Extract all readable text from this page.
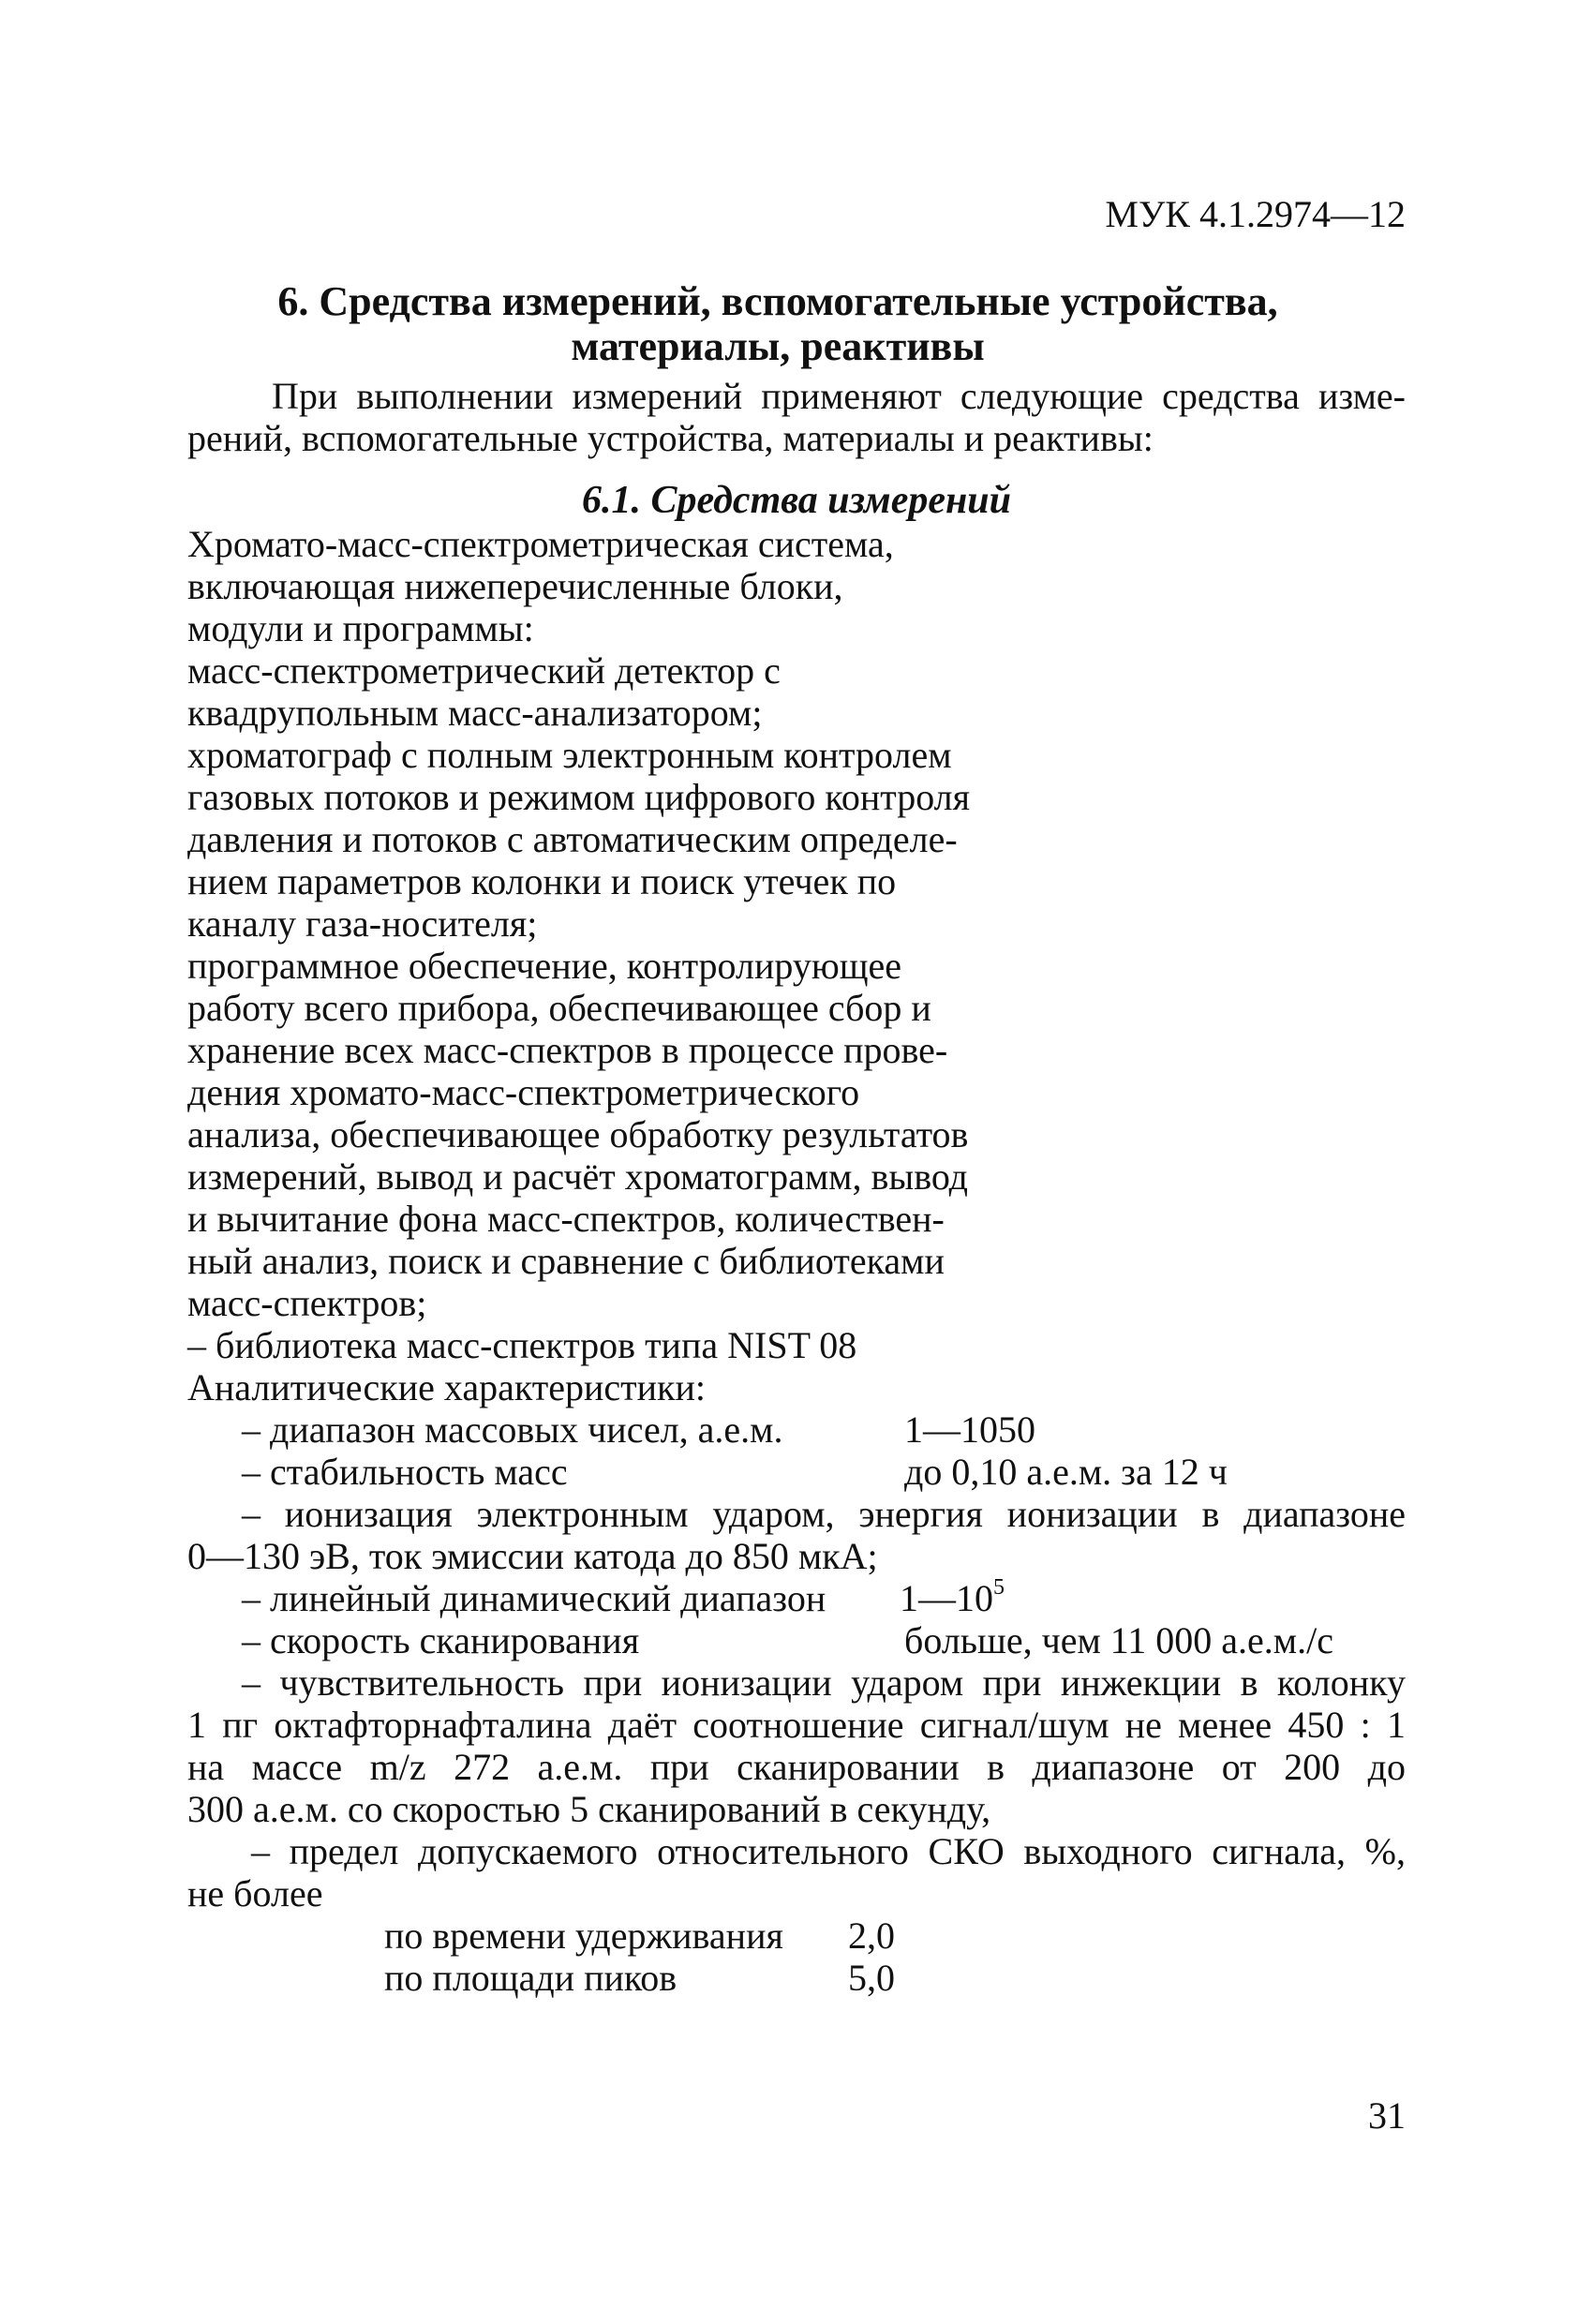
МУК 4.1.2974—12
6. Средства измерений, вспомогательные устройства,
материалы, реактивы
При выполнении измерений применяют следующие средства изме-
рений, вспомогательные устройства, материалы и реактивы:
6.1. Средства измерений
Хромато-масс-спектрометрическая система,
включающая нижеперечисленные блоки,
модули и программы:
масс-спектрометрический детектор с
квадрупольным масс-анализатором;
хроматограф с полным электронным контролем
газовых потоков и режимом цифрового контроля
давления и потоков с автоматическим определе-
нием параметров колонки и поиск утечек по
каналу газа-носителя;
программное обеспечение, контролирующее
работу всего прибора, обеспечивающее сбор и
хранение всех масс-спектров в процессе прове-
дения хромато-масс-спектрометрического
анализа, обеспечивающее обработку результатов
измерений, вывод и расчёт хроматограмм, вывод
и вычитание фона масс-спектров, количествен-
ный анализ, поиск и сравнение с библиотеками
масс-спектров;
– библиотека масс-спектров типа NIST 08
Аналитические характеристики:
– диапазон массовых чисел, а.е.м.	1—1050
– стабильность масс	до 0,10 а.е.м. за 12 ч
– ионизация электронным ударом, энергия ионизации в диапазоне
0—130 эВ, ток эмиссии катода до 850 мкА;
– линейный динамический диапазон $1—10^5$
– скорость сканирования	больше, чем 11 000 а.е.м./с
– чувствительность при ионизации ударом при инжекции в колонку
1 пг октафторнафталина даёт соотношение сигнал/шум не менее 450 : 1
на массе m/z 272 а.е.м. при сканировании в диапазоне от 200 до
300 а.е.м. со скоростью 5 сканирований в секунду,
– предел допускаемого относительного СКО выходного сигнала, %,
не более
по времени удерживания 2,0
по площади пиков	5,0
31
